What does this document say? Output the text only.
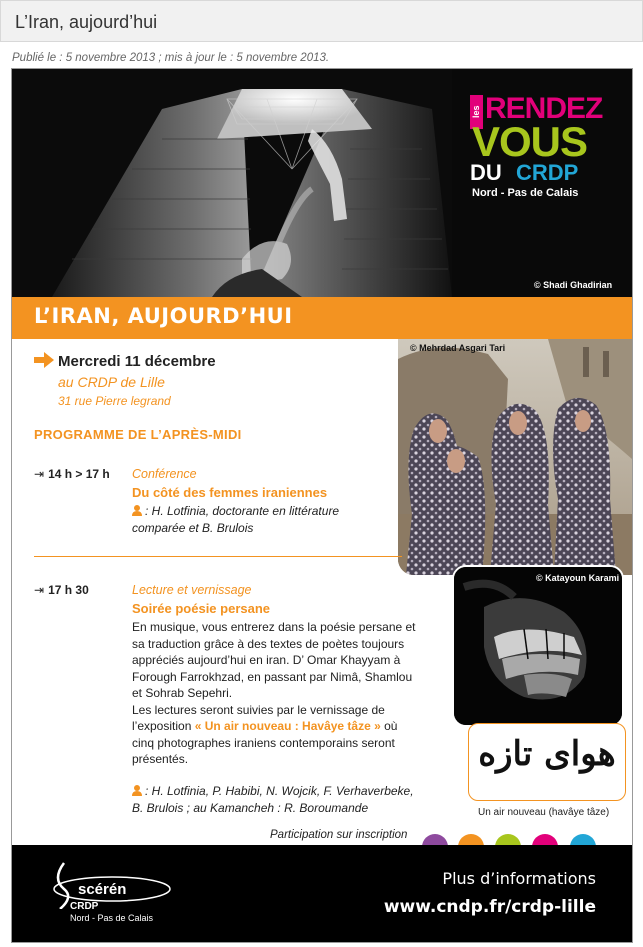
L’Iran, aujourd’hui
Publié le : 5 novembre 2013 ; mis à jour le : 5 novembre 2013.
les RENDEZ
VOUS
DU CRDP
Nord - Pas de Calais
© Shadi Ghadirian
L’IRAN, AUJOURD’HUI
© Mehrdad Asgari Tari
Mercredi 11 décembre
au CRDP de Lille
31 rue Pierre legrand
PROGRAMME DE L’APRÈS-MIDI
⇥ 14 h > 17 h Conférence
Du côté des femmes iraniennes
: H. Lotfinia, doctorante en littérature
comparée et B. Brulois
⇥ 17 h 30	Lecture et vernissage
Soirée poésie persane
En musique, vous entrerez dans la poésie persane et
sa traduction grâce à des textes de poètes toujours
appréciés aujourd’hui en iran. D’ Omar Khayyam à
Forough Farrokhzad, en passant par Nimâ, Shamlou
et Sohrab Sepehri.
Les lectures seront suivies par le vernissage de
l’exposition « Un air nouveau : Havâye tâze » où
cinq photographes iraniens contemporains seront
présentés.
: H. Lotfinia, P. Habibi, N. Wojcik, F. Verhaverbeke,
B. Brulois ; au Kamancheh : R. Boroumande
© Katayoun Karami
هوای تازه
Un air nouveau (havâye tâze)
Participation sur inscription
scérén
CRDP
Nord - Pas de Calais
Plus d’informations
www.cndp.fr/crdp-lille
